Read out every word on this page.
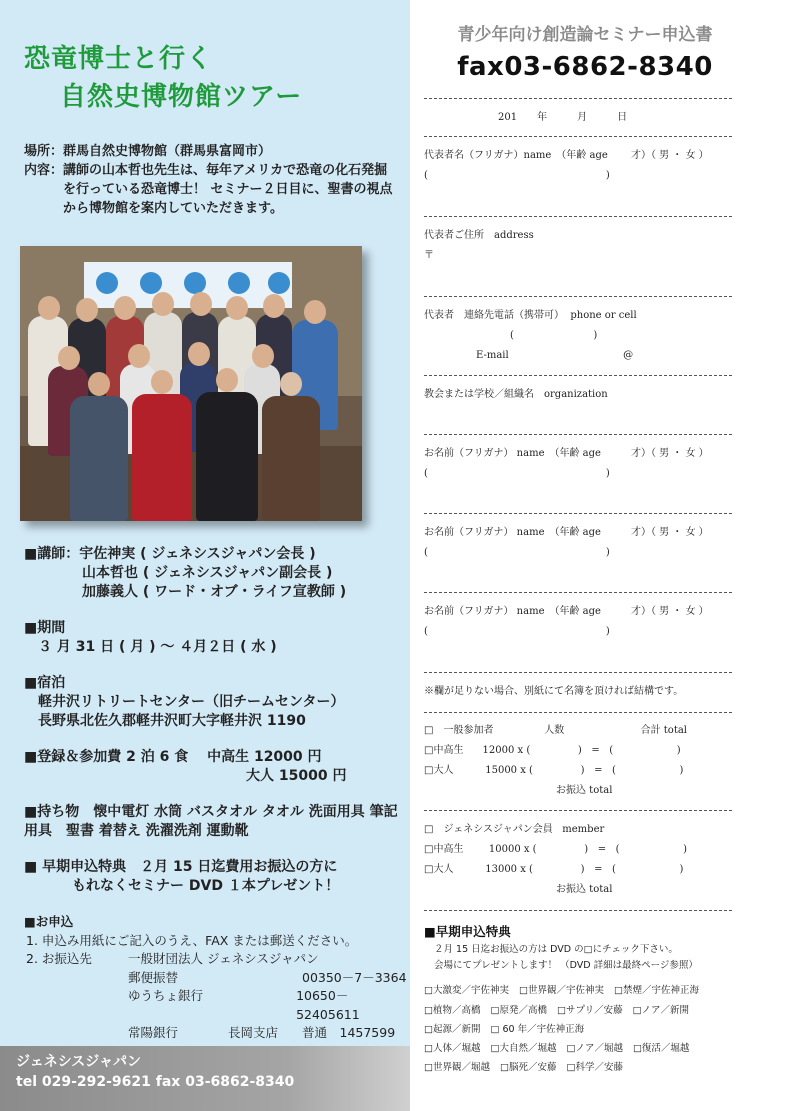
恐竜博士と行く
自然史博物館ツアー
場所： 群馬自然史博物館（群馬県富岡市）
内容： 講師の山本哲也先生は、毎年アメリカで恐竜の化石発掘を行っている恐竜博士！ セミナー２日目に、聖書の視点から博物館を案内していただきます。
■講師：宇佐神実 ( ジェネシスジャパン会長 )
山本哲也 ( ジェネシスジャパン副会長 )
加藤義人 ( ワード・オブ・ライフ宣教師 )
■期間
３ 月 31 日 ( 月 ) ～ ４月２日 ( 水 )
■宿泊
軽井沢リトリートセンター（旧チームセンター）
長野県北佐久郡軽井沢町大字軽井沢 1190
■登録＆参加費 2 泊 6 食　 中高生 12000 円
大人 15000 円
■持ち物　懐中電灯 水筒 バスタオル タオル 洗面用具 筆記用具　聖書 着替え 洗濯洗剤 運動靴
■ 早期申込特典　２月 15 日迄費用お振込の方に
もれなくセミナー DVD １本プレゼント！
■お申込
1. 申込み用紙にご記入のうえ、FAX または郵送ください。
2. お振込先	一般財団法人 ジェネシスジャパン
郵便振替	00350－7－3364
ゆうちょ銀行	10650－52405611
常陽銀行	長岡支店	普通　1457599
ジェネシスジャパン
tel 029-292-9621 fax 03-6862-8340
青少年向け創造論セミナー申込書
fax03-6862-8340
201　　年　　　月　　　日
代表者名（フリガナ）name　（年齢 age　　 才）（ 男 ・ 女 ）
(                                                        )
代表者ご住所　address
〒
代表者　連絡先電話（携帯可）  phone or cell
(                         )
E-mail                                    @
教会または学校／組織名　organization
お名前（フリガナ） name　（年齢 age　　　才）（ 男 ・ 女 ）
(                                                        )
お名前（フリガナ） name　（年齢 age　　　才）（ 男 ・ 女 ）
(                                                        )
お名前（フリガナ） name　（年齢 age　　　才）（ 男 ・ 女 ）
(                                                        )
※欄が足りない場合、別紙にて名簿を頂ければ結構です。
□　一般参加者                人数                        合計 total
□中高生      12000 x (               )   =   (                    )
□大人          15000 x (               )   =   (                    )
お振込 total
□　ジェネシスジャパン会員   member
□中高生        10000 x (               )   =   (                    )
□大人          13000 x (               )   =   (                    )
お振込 total
■早期申込特典
２月 15 日迄お振込の方は DVD の□にチェック下さい。
会場にてプレゼントします！ （DVD 詳細は最終ページ参照）
□大激変／宇佐神実 □世界観／宇佐神実 □禁煙／宇佐神正海
□植物／高橋 □原発／高橋 □サプリ／安藤 □ノア／新開
□起源／新開 □ 60 年／宇佐神正海
□人体／堀越 □大自然／堀越 □ノア／堀越 □復活／堀越
□世界観／堀越 □脳死／安藤 □科学／安藤
